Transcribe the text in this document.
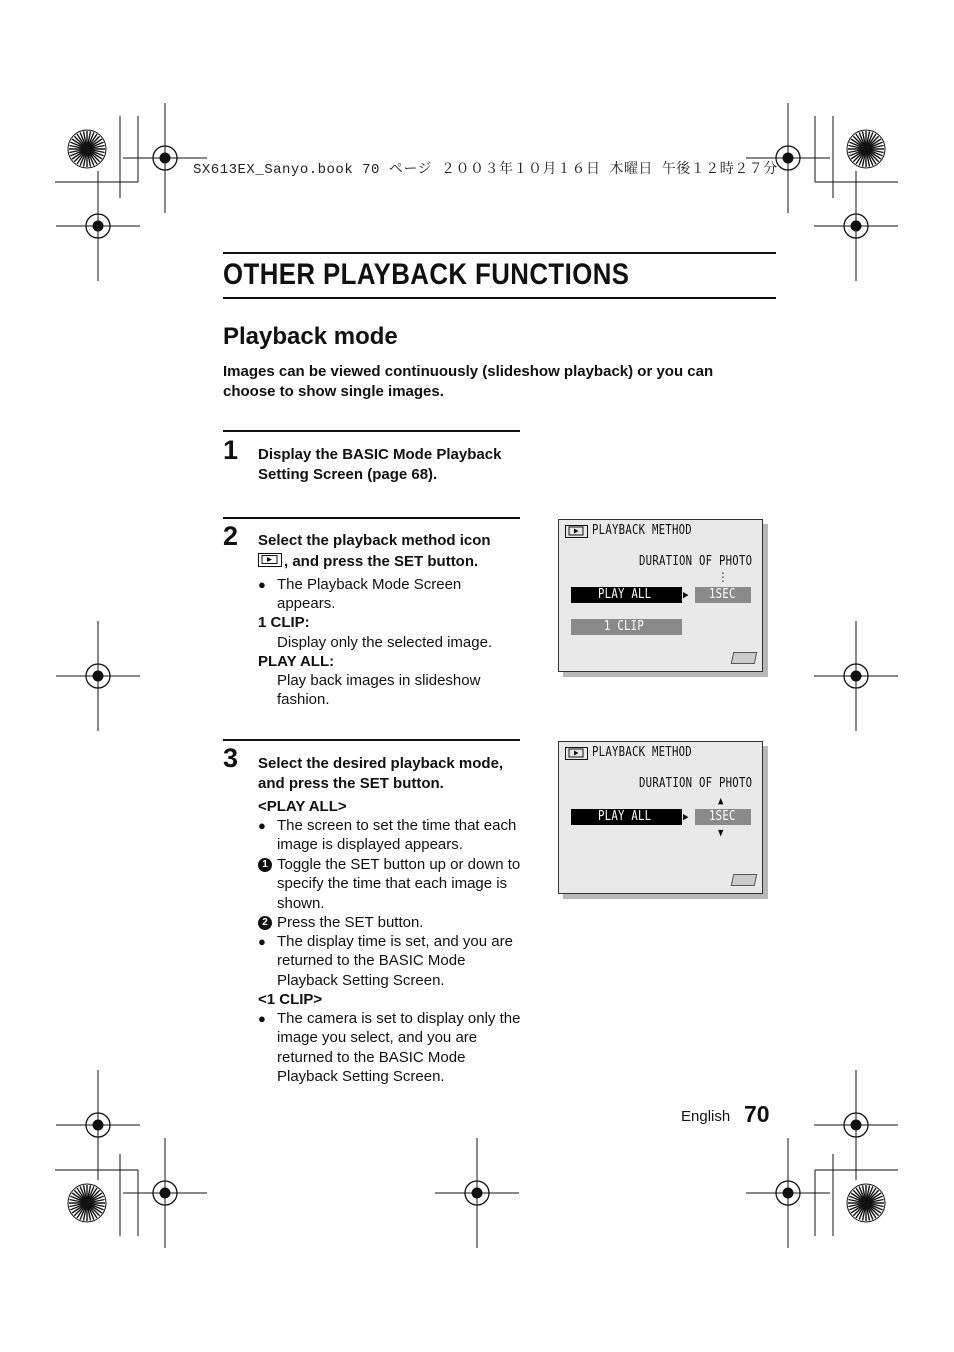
SX613EX_Sanyo.book 70 ページ ２００３年１０月１６日 木曜日 午後１２時２７分
OTHER PLAYBACK FUNCTIONS
Playback mode
Images can be viewed continuously (slideshow playback) or you can choose to show single images.
1 Display the BASIC Mode Playback
Setting Screen (page 68).
2 Select the playback method icon
, and press the SET button.
● The Playback Mode Screen appears.
1 CLIP:
Display only the selected image.
PLAY ALL:
Play back images in slideshow fashion.
3 Select the desired playback mode,
and press the SET button.
<PLAY ALL>
● The screen to set the time that each image is displayed appears.
1 Toggle the SET button up or down to specify the time that each image is shown.
2 Press the SET button.
● The display time is set, and you are returned to the BASIC Mode Playback Setting Screen.
<1 CLIP>
● The camera is set to display only the image you select, and you are returned to the BASIC Mode Playback Setting Screen.
PLAYBACK METHOD
DURATION OF PHOTO
⋮
PLAY ALL	▶ 1SEC
1 CLIP
PLAYBACK METHOD
DURATION OF PHOTO
▲
PLAY ALL	▶ 1SEC
▼
English 70
